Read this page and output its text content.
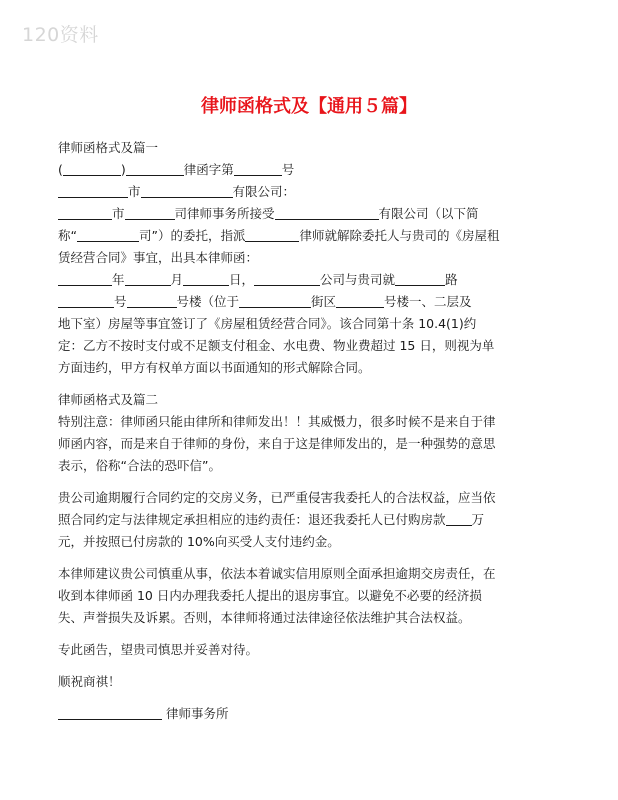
120资料
律师函格式及【通用５篇】
律师函格式及篇一
(	)	律函字第	号
市	有限公司：
市	司律师事务所接受	有限公司（以下简
称“	司”）的委托，指派	律师就解除委托人与贵司的《房屋租
赁经营合同》事宜，出具本律师函：
年	月	日，	公司与贵司就	路
号	号楼（位于	街区	号楼一、二层及
地下室）房屋等事宜签订了《房屋租赁经营合同》。该合同第十条 10.4(1)约
定：乙方不按时支付或不足额支付租金、水电费、物业费超过 15 日，则视为单
方面违约，甲方有权单方面以书面通知的形式解除合同。
律师函格式及篇二
特别注意：律师函只能由律所和律师发出！！其威慑力，很多时候不是来自于律
师函内容，而是来自于律师的身份，来自于这是律师发出的，是一种强势的意思
表示，俗称“合法的恐吓信”。
贵公司逾期履行合同约定的交房义务，已严重侵害我委托人的合法权益，应当依
照合同约定与法律规定承担相应的违约责任：退还我委托人已付购房款 万
元，并按照已付房款的 10%向买受人支付违约金。
本律师建议贵公司慎重从事，依法本着诚实信用原则全面承担逾期交房责任，在
收到本律师函 10 日内办理我委托人提出的退房事宜。以避免不必要的经济损
失、声誉损失及诉累。否则，本律师将通过法律途径依法维护其合法权益。
专此函告，望贵司慎思并妥善对待。
顺祝商祺！
律师事务所
